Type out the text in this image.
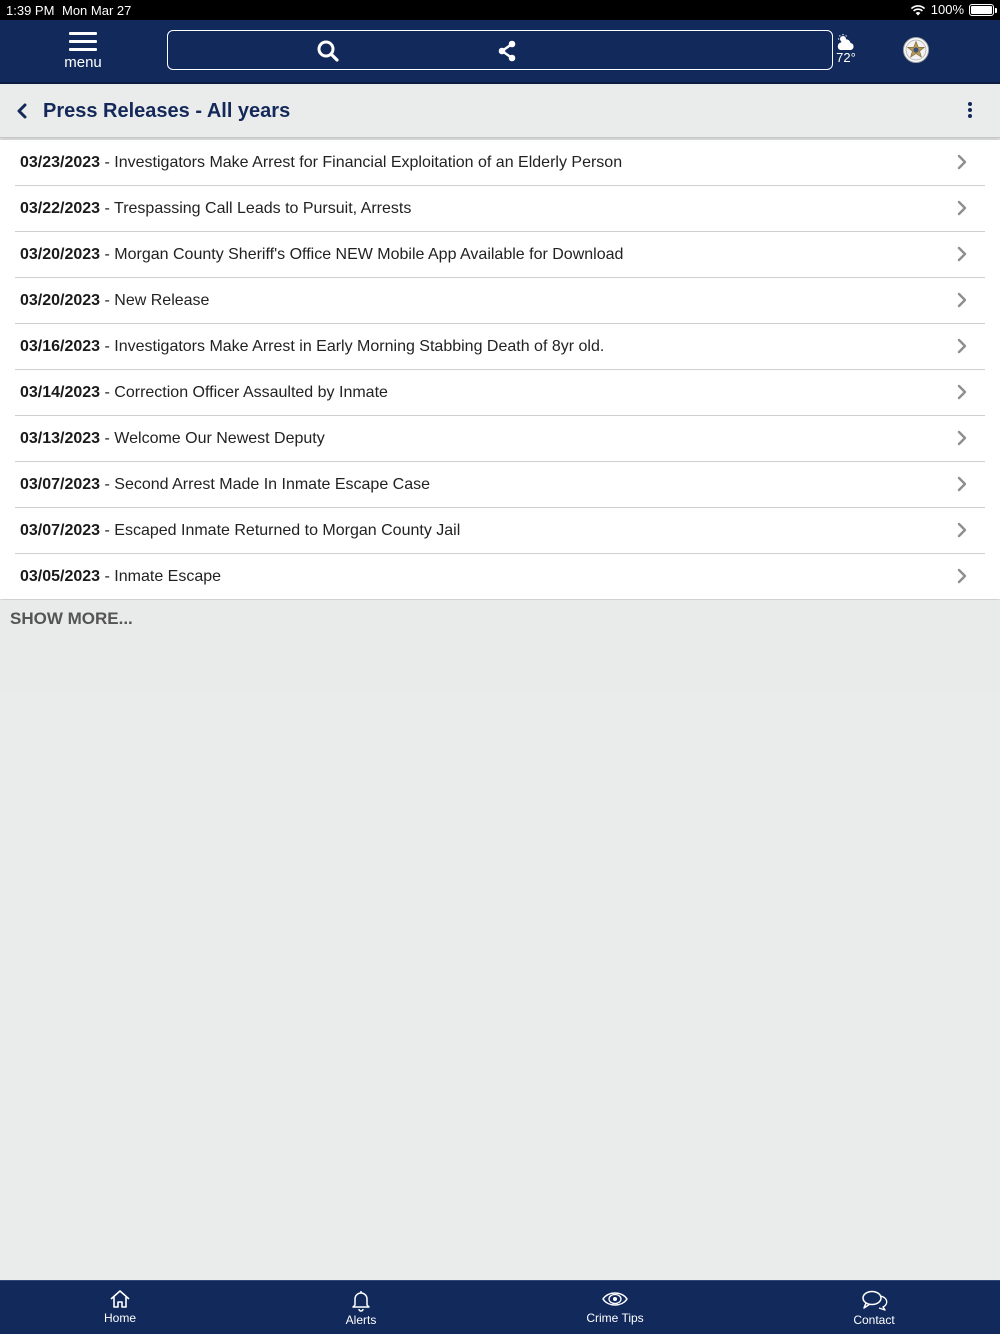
1:39 PM Mon Mar 27	100%
menu	72°
Press Releases - All years
03/23/2023 - Investigators Make Arrest for Financial Exploitation of an Elderly Person
03/22/2023 - Trespassing Call Leads to Pursuit, Arrests
03/20/2023 - Morgan County Sheriff's Office NEW Mobile App Available for Download
03/20/2023 - New Release
03/16/2023 - Investigators Make Arrest in Early Morning Stabbing Death of 8yr old.
03/14/2023 - Correction Officer Assaulted by Inmate
03/13/2023 - Welcome Our Newest Deputy
03/07/2023 - Second Arrest Made In Inmate Escape Case
03/07/2023 - Escaped Inmate Returned to Morgan County Jail
03/05/2023 - Inmate Escape
SHOW MORE...
Home	Alerts	Crime Tips	Contact
